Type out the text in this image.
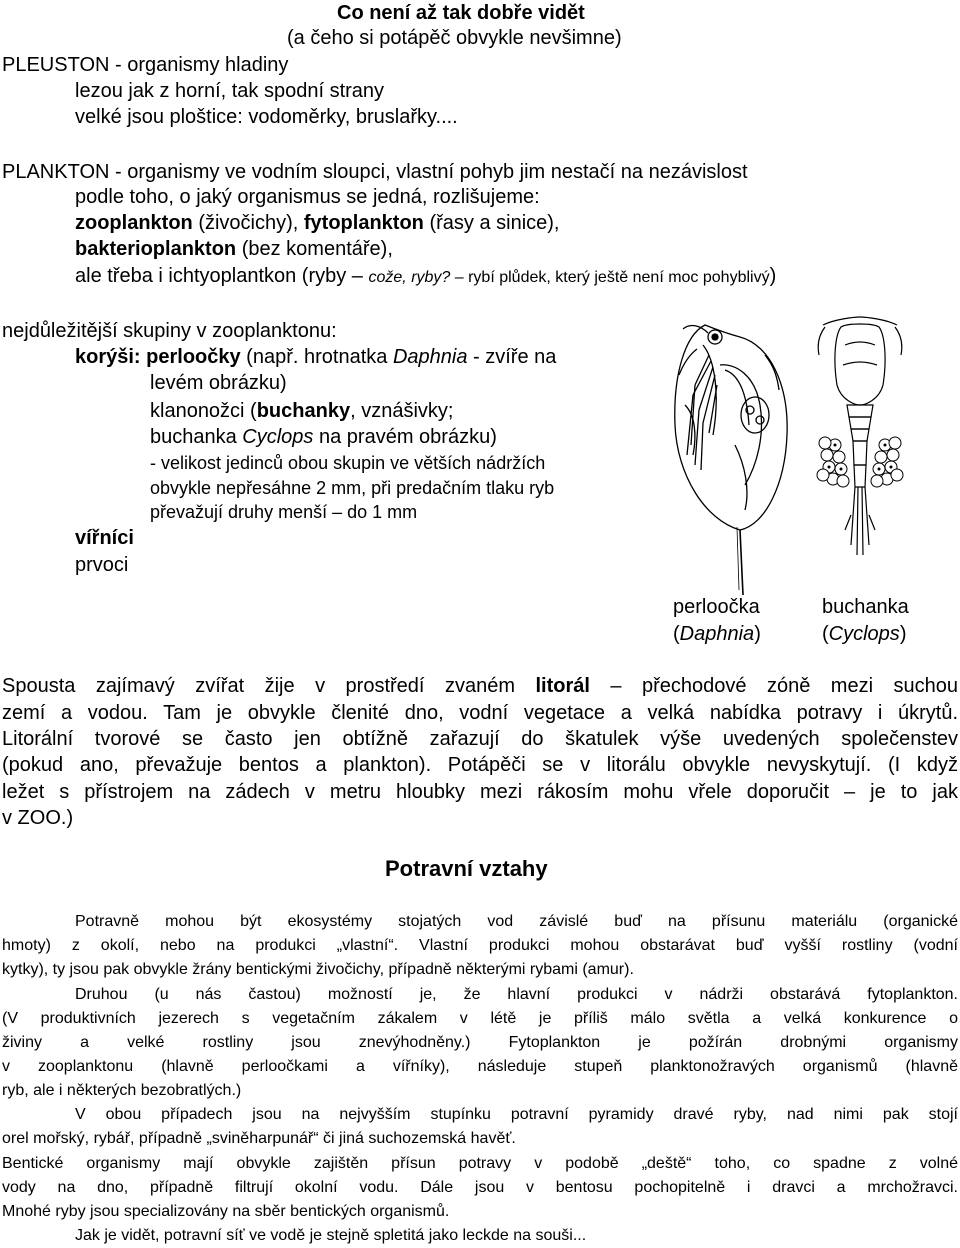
Co není až tak dobře vidět
(a čeho si potápěč obvykle nevšimne)
PLEUSTON - organismy hladiny
lezou jak z horní, tak spodní strany
velké jsou ploštice: vodoměrky, bruslařky....
PLANKTON - organismy ve vodním sloupci, vlastní pohyb jim nestačí na nezávislost
podle toho, o jaký organismus se jedná, rozlišujeme:
zooplankton (živočichy), fytoplankton (řasy a sinice),
bakterioplankton (bez komentáře),
ale třeba i ichtyoplantkon (ryby – cože, ryby? – rybí plůdek, který ještě není moc pohyblivý)
nejdůležitější skupiny v zooplanktonu:
korýši: perloočky (např. hrotnatka Daphnia - zvíře na
levém obrázku)
klanonožci (buchanky, vznášivky;
buchanka Cyclops na pravém obrázku)
- velikost jedinců obou skupin ve větších nádržích
obvykle nepřesáhne 2 mm, při predačním tlaku ryb
převažují druhy menší – do 1 mm
vířníci
prvoci
perloočka
(Daphnia)
buchanka
(Cyclops)
Spousta zajímavý zvířat žije v prostředí zvaném litorál – přechodové zóně mezi suchou
zemí a vodou. Tam je obvykle členité dno, vodní vegetace a velká nabídka potravy i úkrytů.
Litorální tvorové se často jen obtížně zařazují do škatulek výše uvedených společenstev
(pokud ano, převažuje bentos a plankton). Potápěči se v litorálu obvykle nevyskytují. (I když
ležet s přístrojem na zádech v metru hloubky mezi rákosím mohu vřele doporučit – je to jak
v ZOO.)
Potravní vztahy
Potravně mohou být ekosystémy stojatých vod závislé buď na přísunu materiálu (organické
hmoty) z okolí, nebo na produkci „vlastní“. Vlastní produkci mohou obstarávat buď vyšší rostliny (vodní
kytky), ty jsou pak obvykle žrány bentickými živočichy, případně některými rybami (amur).
Druhou (u nás častou) možností je, že hlavní produkci v nádrži obstarává fytoplankton.
(V produktivních jezerech s vegetačním zákalem v létě je příliš málo světla a velká konkurence o
živiny a velké rostliny jsou znevýhodněny.) Fytoplankton je požírán drobnými organismy
v zooplanktonu (hlavně perloočkami a vířníky), následuje stupeň planktonožravých organismů (hlavně
ryb, ale i některých bezobratlých.)
V obou případech jsou na nejvyšším stupínku potravní pyramidy dravé ryby, nad nimi pak stojí
orel mořský, rybář, případně „sviněharpunář“ či jiná suchozemská havěť.
Bentické organismy mají obvykle zajištěn přísun potravy v podobě „deště“ toho, co spadne z volné
vody na dno, případně filtrují okolní vodu. Dále jsou v bentosu pochopitelně i dravci a mrchožravci.
Mnohé ryby jsou specializovány na sběr bentických organismů.
Jak je vidět, potravní síť ve vodě je stejně spletitá jako leckde na souši...
